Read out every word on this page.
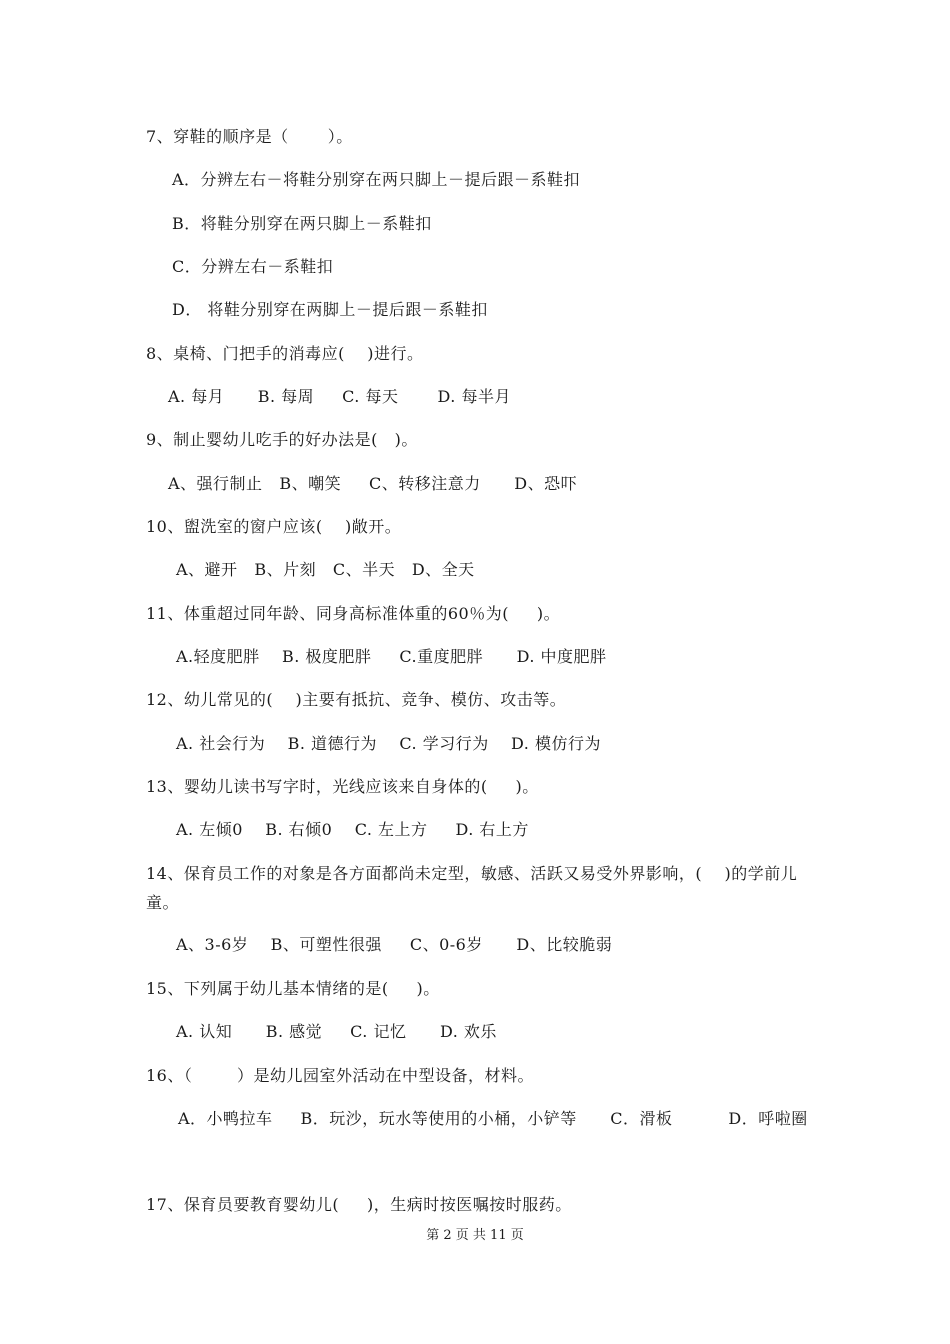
7、穿鞋的顺序是（       ）。
A．分辨左右－将鞋分别穿在两只脚上－提后跟－系鞋扣
B．将鞋分别穿在两只脚上－系鞋扣
C．分辨左右－系鞋扣
D． 将鞋分别穿在两脚上－提后跟－系鞋扣
8、桌椅、门把手的消毒应(    )进行。
A. 每月      B. 每周     C. 每天       D. 每半月
9、制止婴幼儿吃手的好办法是(   )。
A、强行制止   B、嘲笑     C、转移注意力      D、恐吓
10、盥洗室的窗户应该(    )敞开。
A、避开   B、片刻   C、半天   D、全天
11、体重超过同年龄、同身高标准体重的60％为(     )。
A.轻度肥胖    B. 极度肥胖     C.重度肥胖      D. 中度肥胖
12、幼儿常见的(    )主要有抵抗、竞争、模仿、攻击等。
A. 社会行为    B. 道德行为    C. 学习行为    D. 模仿行为
13、婴幼儿读书写字时，光线应该来自身体的(     )。
A. 左倾0    B. 右倾0    C. 左上方     D. 右上方
14、保育员工作的对象是各方面都尚未定型，敏感、活跃又易受外界影响，(    )的学前儿
童。
A、3-6岁    B、可塑性很强     C、0-6岁      D、比较脆弱
15、下列属于幼儿基本情绪的是(     )。
A. 认知      B. 感觉     C. 记忆      D. 欢乐
16、（        ）是幼儿园室外活动在中型设备，材料。
A．小鸭拉车     B．玩沙，玩水等使用的小桶，小铲等      C．滑板          D．呼啦圈
17、保育员要教育婴幼儿(     )，生病时按医嘱按时服药。
第 2 页 共 11 页
